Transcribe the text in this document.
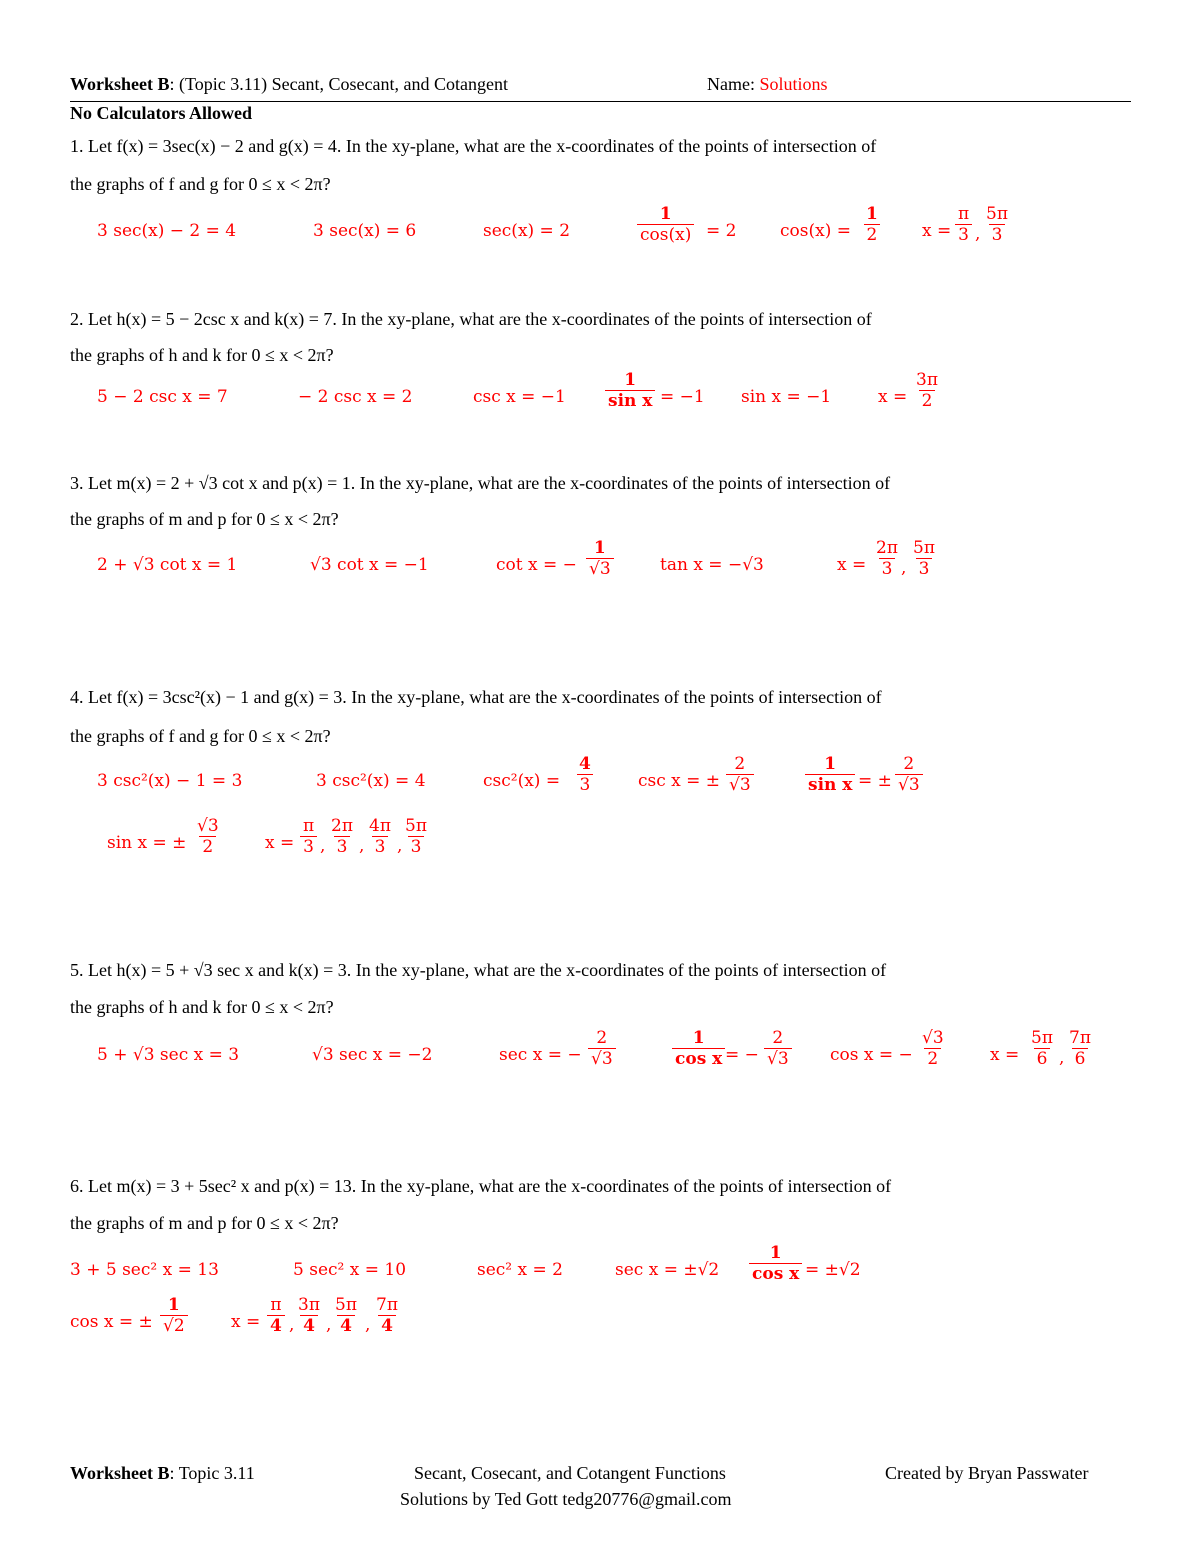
Worksheet B: (Topic 3.11) Secant, Cosecant, and Cotangent	Name: Solutions
No Calculators Allowed
1. Let f(x) = 3sec(x) − 2 and g(x) = 4. In the xy-plane, what are the x-coordinates of the points of intersection of
the graphs of f and g for 0 ≤ x < 2π?
3 sec(x) − 2 = 4	3 sec(x) = 6	sec(x) = 2	$\frac{1}{\cos(x)} = 2$	$\cos(x) = \frac{1}{2}$ $x = \frac{\pi}{3}$ , $\frac{5\pi}{3}$
2. Let h(x) = 5 − 2csc x and k(x) = 7. In the xy-plane, what are the x-coordinates of the points of intersection of
the graphs of h and k for 0 ≤ x < 2π?
5 − 2 csc x = 7	− 2 csc x = 2	$\csc x = -1 \frac{1}{\text{sin x}} = -1$ sin x = −1	$x = \frac{3\pi}{2}$
3. Let m(x) = 2 + √3 cot x and p(x) = 1. In the xy-plane, what are the x-coordinates of the points of intersection of
the graphs of m and p for 0 ≤ x < 2π?
2 + √3 cot x = 1	√3 cot x = −1	cot x = − $\frac{1}{√3}$	tan x = −√3	$x = \frac{2\pi}{3}$ , $\frac{5\pi}{3}$
4. Let f(x) = 3csc²(x) − 1 and g(x) = 3. In the xy-plane, what are the x-coordinates of the points of intersection of
the graphs of f and g for 0 ≤ x < 2π?
3 csc²(x) − 1 = 3	3 csc²(x) = 4	$\csc^2(x) = \frac{4}{3}$	csc x = ± $\frac{2}{√3}$	$\frac{1}{\text{sin x}}$ = ± $\frac{2}{√3}$
sin x = ± $\frac{√3}{2}$	$x = \frac{\pi}{3}$ , $\frac{2\pi}{3}$ , $\frac{4\pi}{3}$ , $\frac{5\pi}{3}$
5. Let h(x) = 5 + √3 sec x and k(x) = 3. In the xy-plane, what are the x-coordinates of the points of intersection of
the graphs of h and k for 0 ≤ x < 2π?
5 + √3 sec x = 3	√3 sec x = −2	sec x = − $\frac{2}{√3}$	$\frac{1}{\text{cos x}}$ = − $\frac{2}{√3}$ cos x = − $\frac{√3}{2}$	$x = \frac{5\pi}{6}$ , $\frac{7\pi}{6}$
6. Let m(x) = 3 + 5sec² x and p(x) = 13. In the xy-plane, what are the x-coordinates of the points of intersection of
the graphs of m and p for 0 ≤ x < 2π?
3 + 5 sec² x = 13	5 sec² x = 10	sec² x = 2	$\sec x = \pm√2 \frac{1}{\text{cos x}} = \pm√2$
cos x = ± $\frac{1}{√2}$	$x = \frac{\pi}{4}$ , $\frac{3\pi}{4}$ , $\frac{5\pi}{4}$ , $\frac{7\pi}{4}$
Worksheet B: Topic 3.11	Secant, Cosecant, and Cotangent Functions	Created by Bryan Passwater
Solutions by Ted Gott tedg20776@gmail.com
